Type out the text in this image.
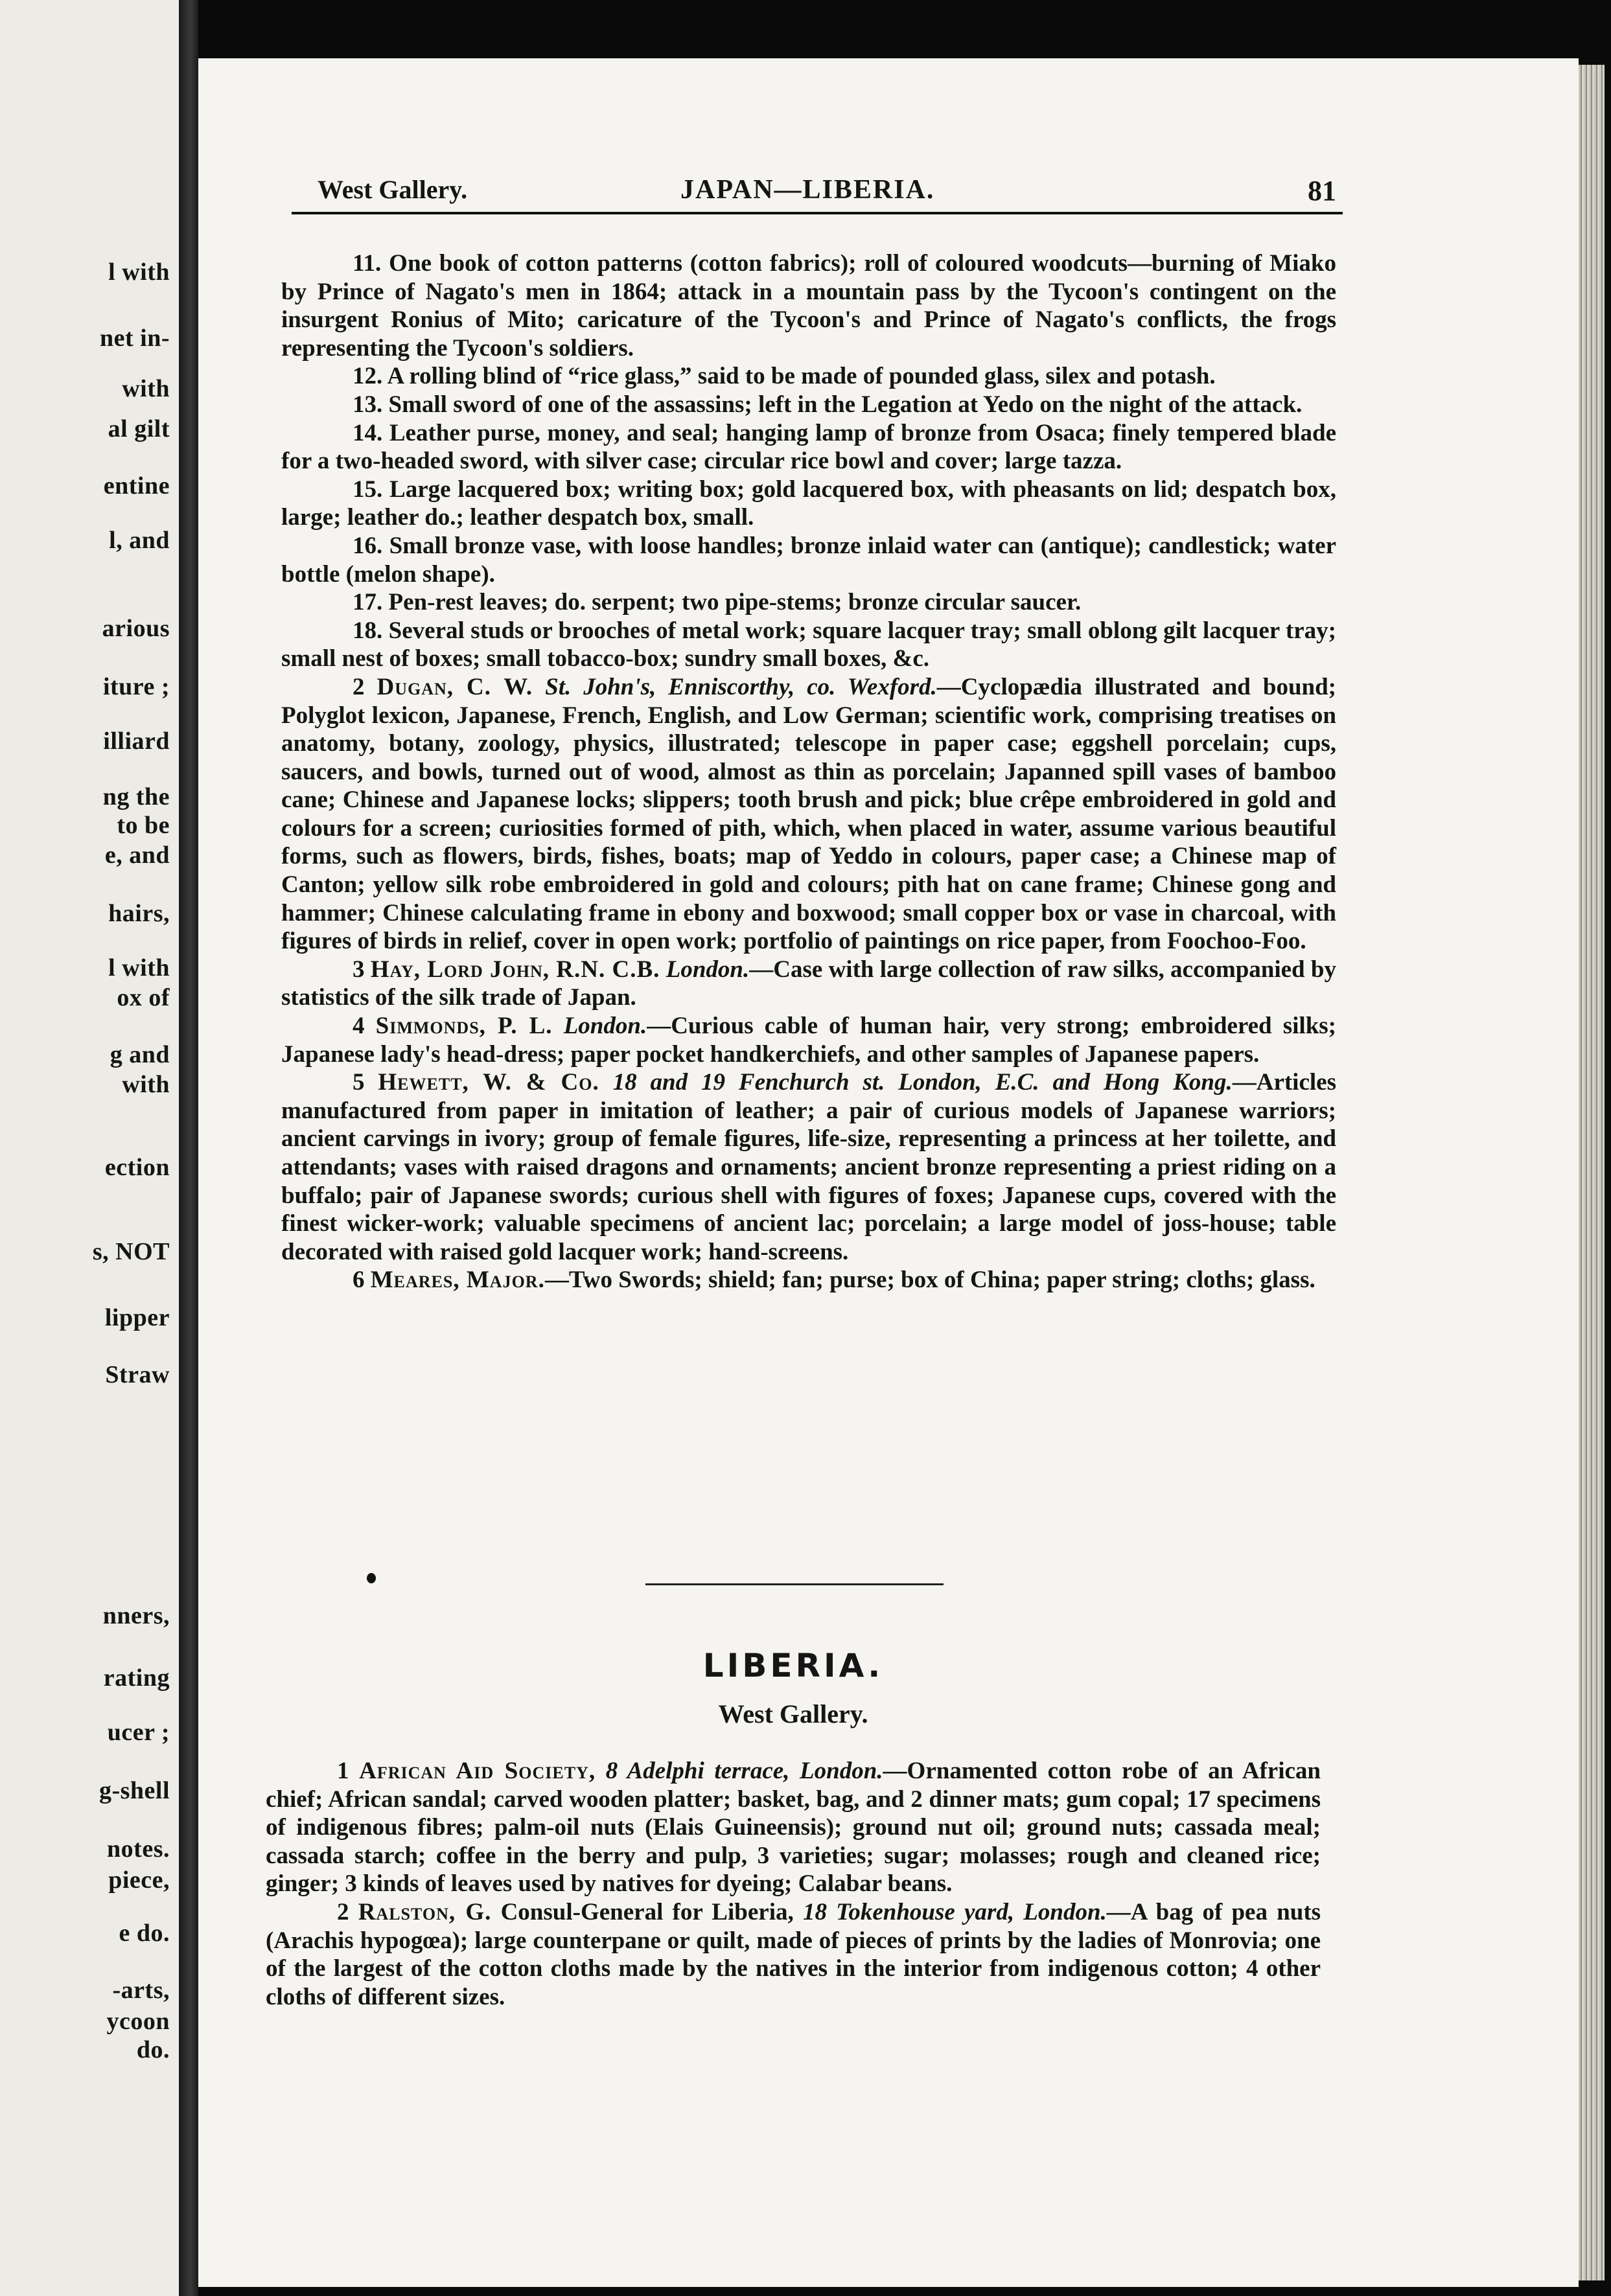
l with
net in-
with
al gilt
entine
l, and
arious
iture ;
illiard
ng the
to be
e, and
hairs,
l with
ox of
g and
with
ection
s, NOT
lipper
Straw
nners,
rating
ucer ;
g-shell
notes.
piece,
e do.
-arts,
ycoon
do.
West Gallery.	JAPAN—LIBERIA.	81

11. One book of cotton patterns (cotton fabrics); roll of coloured woodcuts—burning of Miako by Prince of Nagato's men in 1864; attack in a mountain pass by the Tycoon's contingent on the insurgent Ronius of Mito; caricature of the Tycoon's and Prince of Nagato's conflicts, the frogs representing the Tycoon's soldiers.

12. A rolling blind of “rice glass,” said to be made of pounded glass, silex and potash.

13. Small sword of one of the assassins; left in the Legation at Yedo on the night of the attack.

14. Leather purse, money, and seal; hanging lamp of bronze from Osaca; finely tempered blade for a two-headed sword, with silver case; circular rice bowl and cover; large tazza.

15. Large lacquered box; writing box; gold lacquered box, with pheasants on lid; despatch box, large; leather do.; leather despatch box, small.

16. Small bronze vase, with loose handles; bronze inlaid water can (antique); candlestick; water bottle (melon shape).

17. Pen-rest leaves; do. serpent; two pipe-stems; bronze circular saucer.

18. Several studs or brooches of metal work; square lacquer tray; small oblong gilt lacquer tray; small nest of boxes; small tobacco-box; sundry small boxes, &c.

2 Dugan, C. W. St. John's, Enniscorthy, co. Wexford.—Cyclopædia illustrated and bound; Polyglot lexicon, Japanese, French, English, and Low German; scientific work, comprising treatises on anatomy, botany, zoology, physics, illustrated; telescope in paper case; eggshell porcelain; cups, saucers, and bowls, turned out of wood, almost as thin as porcelain; Japanned spill vases of bamboo cane; Chinese and Japanese locks; slippers; tooth brush and pick; blue crêpe embroidered in gold and colours for a screen; curiosities formed of pith, which, when placed in water, assume various beautiful forms, such as flowers, birds, fishes, boats; map of Yeddo in colours, paper case; a Chinese map of Canton; yellow silk robe embroidered in gold and colours; pith hat on cane frame; Chinese gong and hammer; Chinese calculating frame in ebony and boxwood; small copper box or vase in charcoal, with figures of birds in relief, cover in open work; portfolio of paintings on rice paper, from Foochoo-Foo.

3 Hay, Lord John, R.N. C.B. London.—Case with large collection of raw silks, accompanied by statistics of the silk trade of Japan.

4 Simmonds, P. L. London.—Curious cable of human hair, very strong; embroidered silks; Japanese lady's head-dress; paper pocket handkerchiefs, and other samples of Japanese papers.

5 Hewett, W. & Co. 18 and 19 Fenchurch st. London, E.C. and Hong Kong.—Articles manufactured from paper in imitation of leather; a pair of curious models of Japanese warriors; ancient carvings in ivory; group of female figures, life-size, representing a princess at her toilette, and attendants; vases with raised dragons and ornaments; ancient bronze representing a priest riding on a buffalo; pair of Japanese swords; curious shell with figures of foxes; Japanese cups, covered with the finest wicker-work; valuable specimens of ancient lac; porcelain; a large model of joss-house; table decorated with raised gold lacquer work; hand-screens.

6 Meares, Major.—Two Swords; shield; fan; purse; box of China; paper string; cloths; glass.

LIBERIA.
West Gallery.

1 African Aid Society, 8 Adelphi terrace, London.—Ornamented cotton robe of an African chief; African sandal; carved wooden platter; basket, bag, and 2 dinner mats; gum copal; 17 specimens of indigenous fibres; palm-oil nuts (Elais Guineensis); ground nut oil; ground nuts; cassada meal; cassada starch; coffee in the berry and pulp, 3 varieties; sugar; molasses; rough and cleaned rice; ginger; 3 kinds of leaves used by natives for dyeing; Calabar beans.

2 Ralston, G. Consul-General for Liberia, 18 Tokenhouse yard, London.—A bag of pea nuts (Arachis hypogœa); large counterpane or quilt, made of pieces of prints by the ladies of Monrovia; one of the largest of the cotton cloths made by the natives in the interior from indigenous cotton; 4 other cloths of different sizes.
